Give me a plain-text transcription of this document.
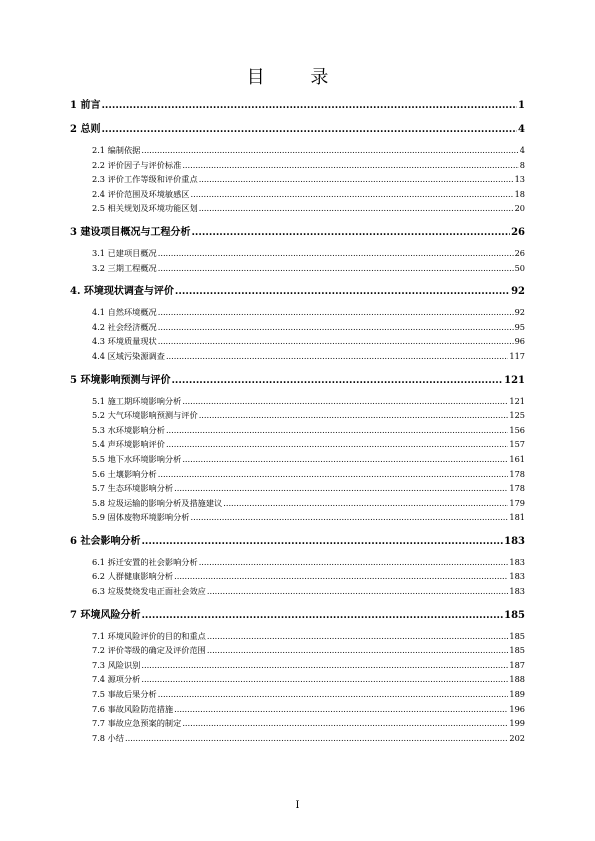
目 录
1 前言 .....	1
2 总则 .....	4
2.1 编制依据 .....	4
2.2 评价因子与评价标准 .....	8
2.3 评价工作等级和评价重点 .....	13
2.4 评价范围及环境敏感区 .....	18
2.5 相关规划及环境功能区划 .....	20
3 建设项目概况与工程分析 .....	26
3.1 已建项目概况 .....	26
3.2 三期工程概况 .....	50
4. 环境现状调查与评价 .....	92
4.1 自然环境概况 .....	92
4.2 社会经济概况 .....	95
4.3 环境质量现状 .....	96
4.4 区域污染源调查 .....	117
5 环境影响预测与评价 .....	121
5.1 施工期环境影响分析 .....	121
5.2 大气环境影响预测与评价 .....	125
5.3 水环境影响分析 .....	156
5.4 声环境影响评价 .....	157
5.5 地下水环境影响分析 .....	161
5.6 土壤影响分析 .....	178
5.7 生态环境影响分析 .....	178
5.8 垃圾运输的影响分析及措施建议 .....	179
5.9 固体废物环境影响分析 .....	181
6 社会影响分析 .....	183
6.1 拆迁安置的社会影响分析 .....	183
6.2 人群健康影响分析 .....	183
6.3 垃圾焚烧发电正面社会效应 .....	183
7 环境风险分析 .....	185
7.1 环境风险评价的目的和重点 .....	185
7.2 评价等级的确定及评价范围 .....	185
7.3 风险识别 .....	187
7.4 源项分析 .....	188
7.5 事故后果分析 .....	189
7.6 事故风险防范措施 .....	196
7.7 事故应急预案的制定 .....	199
7.8 小结 .....	202
I
